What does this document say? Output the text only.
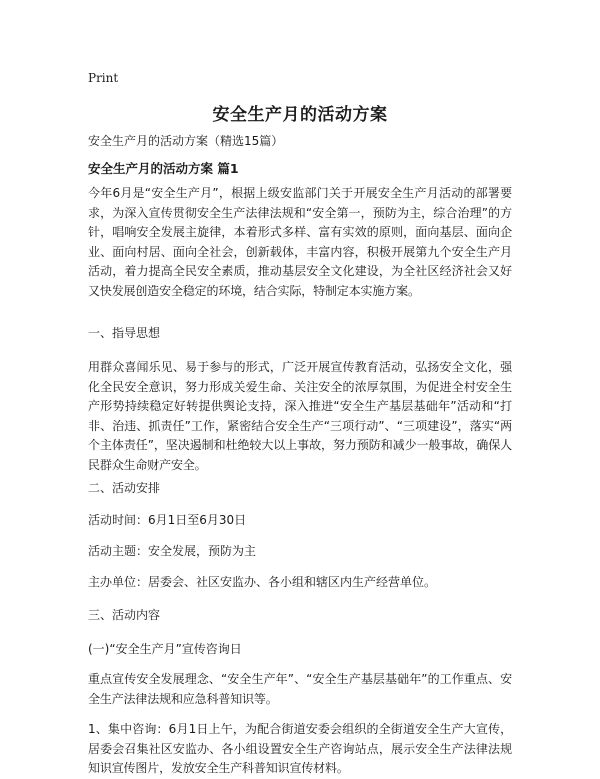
Print
安全生产月的活动方案
安全生产月的活动方案（精选15篇）
安全生产月的活动方案 篇1

今年6月是“安全生产月”，根据上级安监部门关于开展安全生产月活动的部署要求，为深入宣传贯彻安全生产法律法规和“安全第一，预防为主，综合治理”的方针，唱响安全发展主旋律，本着形式多样、富有实效的原则，面向基层、面向企业、面向村居、面向全社会，创新载体，丰富内容，积极开展第九个安全生产月活动，着力提高全民安全素质，推动基层安全文化建设，为全社区经济社会又好又快发展创造安全稳定的环境，结合实际，特制定本实施方案。

一、指导思想

用群众喜闻乐见、易于参与的形式，广泛开展宣传教育活动，弘扬安全文化，强化全民安全意识，努力形成关爱生命、关注安全的浓厚氛围，为促进全村安全生产形势持续稳定好转提供舆论支持，深入推进“安全生产基层基础年”活动和“打非、治违、抓责任”工作，紧密结合安全生产“三项行动”、“三项建设”，落实“两个主体责任”，坚决遏制和杜绝较大以上事故，努力预防和减少一般事故，确保人民群众生命财产安全。

二、活动安排

活动时间：6月1日至6月30日

活动主题：安全发展，预防为主

主办单位：居委会、社区安监办、各小组和辖区内生产经营单位。

三、活动内容

(一)“安全生产月”宣传咨询日

重点宣传安全发展理念、“安全生产年”、“安全生产基层基础年”的工作重点、安全生产法律法规和应急科普知识等。

1、集中咨询：6月1日上午，为配合街道安委会组织的全街道安全生产大宣传，居委会召集社区安监办、各小组设置安全生产咨询站点，展示安全生产法律法规知识宣传图片，发放安全生产科普知识宣传材料。
